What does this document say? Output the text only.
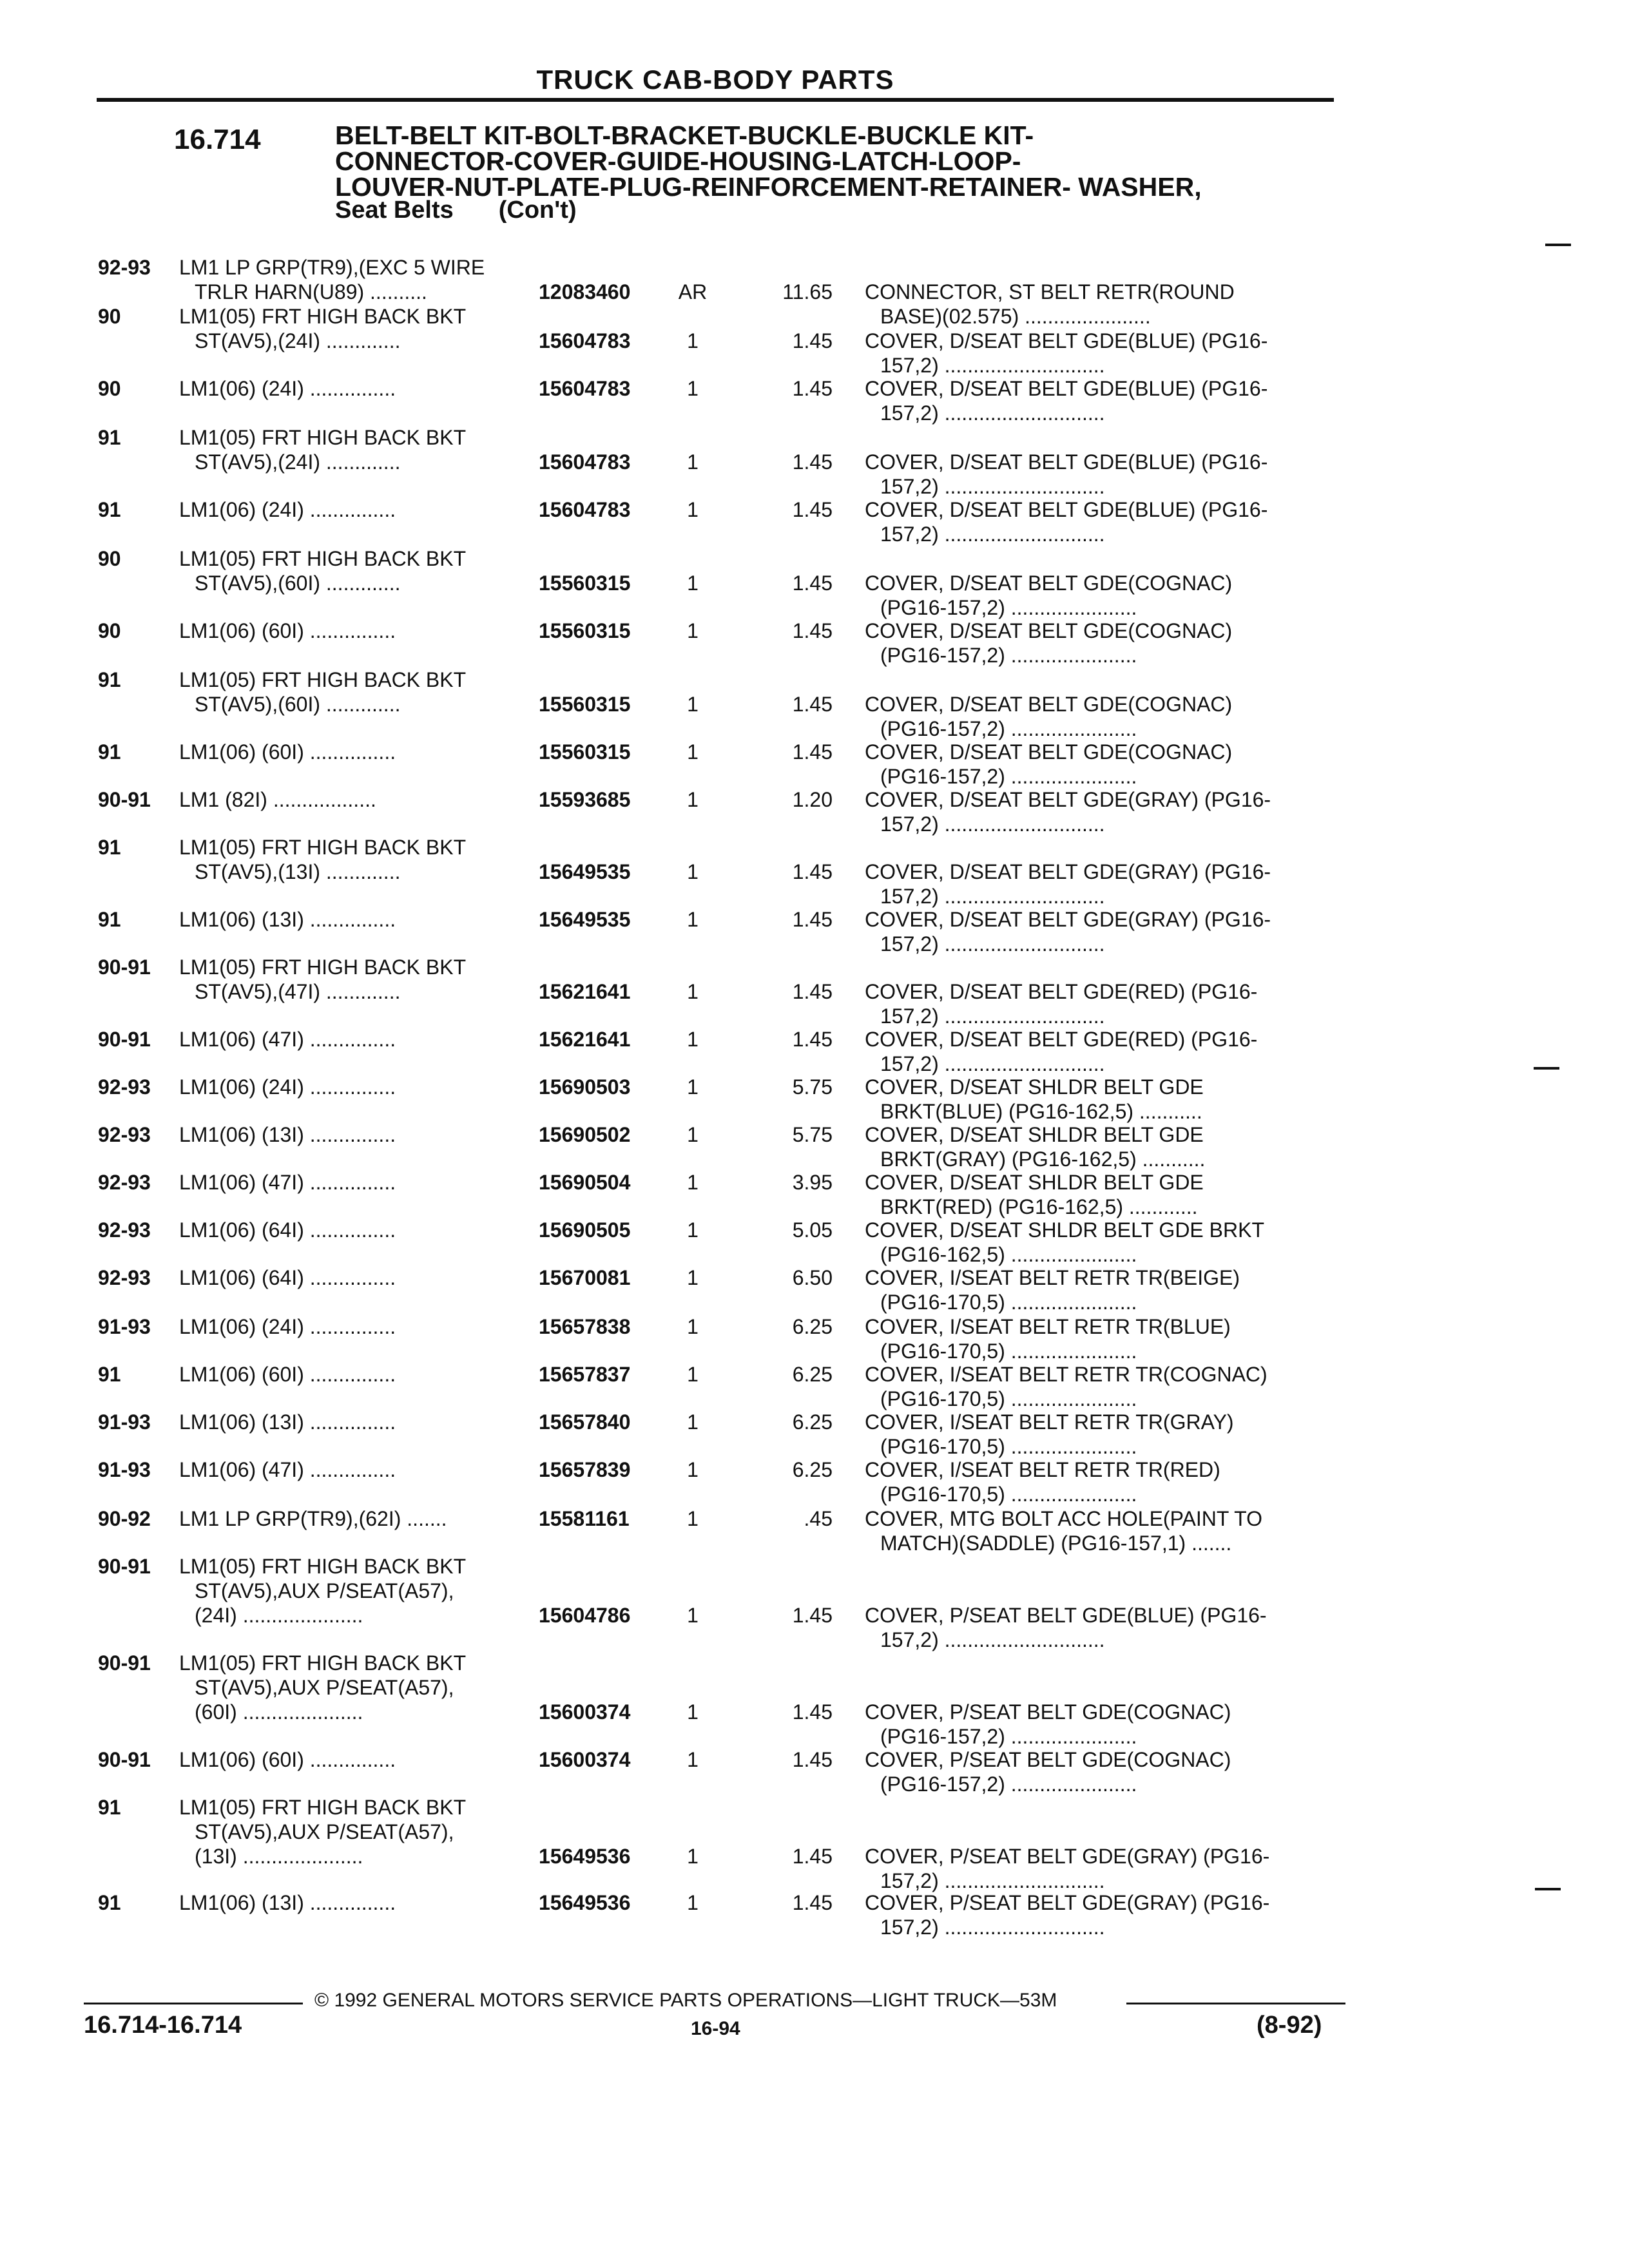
TRUCK CAB-BODY PARTS
16.714	BELT-BELT KIT-BOLT-BRACKET-BUCKLE-BUCKLE KIT-
CONNECTOR-COVER-GUIDE-HOUSING-LATCH-LOOP-
LOUVER-NUT-PLATE-PLUG-REINFORCEMENT-RETAINER- WASHER,
Seat Belts (Con't)
92-93	LM1 LP GRP(TR9),(EXC 5 WIRE
TRLR HARN(U89) ..........	12083460	AR	11.65 CONNECTOR, ST BELT RETR(ROUND
BASE)(02.575) ......................
90	LM1(05) FRT HIGH BACK BKT
ST(AV5),(24I) .............	15604783	1	1.45 COVER, D/SEAT BELT GDE(BLUE) (PG16-
157,2) ............................
90	LM1(06) (24I) ...............	15604783	1	1.45 COVER, D/SEAT BELT GDE(BLUE) (PG16-
157,2) ............................
91	LM1(05) FRT HIGH BACK BKT
ST(AV5),(24I) .............	15604783	1	1.45 COVER, D/SEAT BELT GDE(BLUE) (PG16-
157,2) ............................
91	LM1(06) (24I) ...............	15604783	1	1.45 COVER, D/SEAT BELT GDE(BLUE) (PG16-
157,2) ............................
90	LM1(05) FRT HIGH BACK BKT
ST(AV5),(60I) .............	15560315	1	1.45 COVER, D/SEAT BELT GDE(COGNAC)
(PG16-157,2) ......................
90	LM1(06) (60I) ...............	15560315	1	1.45 COVER, D/SEAT BELT GDE(COGNAC)
(PG16-157,2) ......................
91	LM1(05) FRT HIGH BACK BKT
ST(AV5),(60I) .............	15560315	1	1.45 COVER, D/SEAT BELT GDE(COGNAC)
(PG16-157,2) ......................
91	LM1(06) (60I) ...............	15560315	1	1.45 COVER, D/SEAT BELT GDE(COGNAC)
(PG16-157,2) ......................
90-91	LM1 (82I) ..................	15593685	1	1.20 COVER, D/SEAT BELT GDE(GRAY) (PG16-
157,2) ............................
91	LM1(05) FRT HIGH BACK BKT
ST(AV5),(13I) .............	15649535	1	1.45 COVER, D/SEAT BELT GDE(GRAY) (PG16-
157,2) ............................
91	LM1(06) (13I) ...............	15649535	1	1.45 COVER, D/SEAT BELT GDE(GRAY) (PG16-
157,2) ............................
90-91	LM1(05) FRT HIGH BACK BKT
ST(AV5),(47I) .............	15621641	1	1.45 COVER, D/SEAT BELT GDE(RED) (PG16-
157,2) ............................
90-91	LM1(06) (47I) ...............	15621641	1	1.45 COVER, D/SEAT BELT GDE(RED) (PG16-
157,2) ............................
92-93	LM1(06) (24I) ...............	15690503	1	5.75 COVER, D/SEAT SHLDR BELT GDE
BRKT(BLUE) (PG16-162,5) ...........
92-93	LM1(06) (13I) ...............	15690502	1	5.75 COVER, D/SEAT SHLDR BELT GDE
BRKT(GRAY) (PG16-162,5) ...........
92-93	LM1(06) (47I) ...............	15690504	1	3.95 COVER, D/SEAT SHLDR BELT GDE
BRKT(RED) (PG16-162,5) ............
92-93	LM1(06) (64I) ...............	15690505	1	5.05 COVER, D/SEAT SHLDR BELT GDE BRKT
(PG16-162,5) ......................
92-93	LM1(06) (64I) ...............	15670081	1	6.50 COVER, I/SEAT BELT RETR TR(BEIGE)
(PG16-170,5) ......................
91-93	LM1(06) (24I) ...............	15657838	1	6.25 COVER, I/SEAT BELT RETR TR(BLUE)
(PG16-170,5) ......................
91	LM1(06) (60I) ...............	15657837	1	6.25 COVER, I/SEAT BELT RETR TR(COGNAC)
(PG16-170,5) ......................
91-93	LM1(06) (13I) ...............	15657840	1	6.25 COVER, I/SEAT BELT RETR TR(GRAY)
(PG16-170,5) ......................
91-93	LM1(06) (47I) ...............	15657839	1	6.25 COVER, I/SEAT BELT RETR TR(RED)
(PG16-170,5) ......................
90-92	LM1 LP GRP(TR9),(62I) .......	15581161	1	.45 COVER, MTG BOLT ACC HOLE(PAINT TO
MATCH)(SADDLE) (PG16-157,1) .......
90-91	LM1(05) FRT HIGH BACK BKT
ST(AV5),AUX P/SEAT(A57),
(24I) .....................	15604786	1	1.45 COVER, P/SEAT BELT GDE(BLUE) (PG16-
157,2) ............................
90-91	LM1(05) FRT HIGH BACK BKT
ST(AV5),AUX P/SEAT(A57),
(60I) .....................	15600374	1	1.45 COVER, P/SEAT BELT GDE(COGNAC)
(PG16-157,2) ......................
90-91	LM1(06) (60I) ...............	15600374	1	1.45 COVER, P/SEAT BELT GDE(COGNAC)
(PG16-157,2) ......................
91	LM1(05) FRT HIGH BACK BKT
ST(AV5),AUX P/SEAT(A57),
(13I) .....................	15649536	1	1.45 COVER, P/SEAT BELT GDE(GRAY) (PG16-
157,2) ............................
91	LM1(06) (13I) ...............	15649536	1	1.45 COVER, P/SEAT BELT GDE(GRAY) (PG16-
157,2) ............................
© 1992 GENERAL MOTORS SERVICE PARTS OPERATIONS—LIGHT TRUCK—53M
16.714-16.714	16-94	(8-92)
